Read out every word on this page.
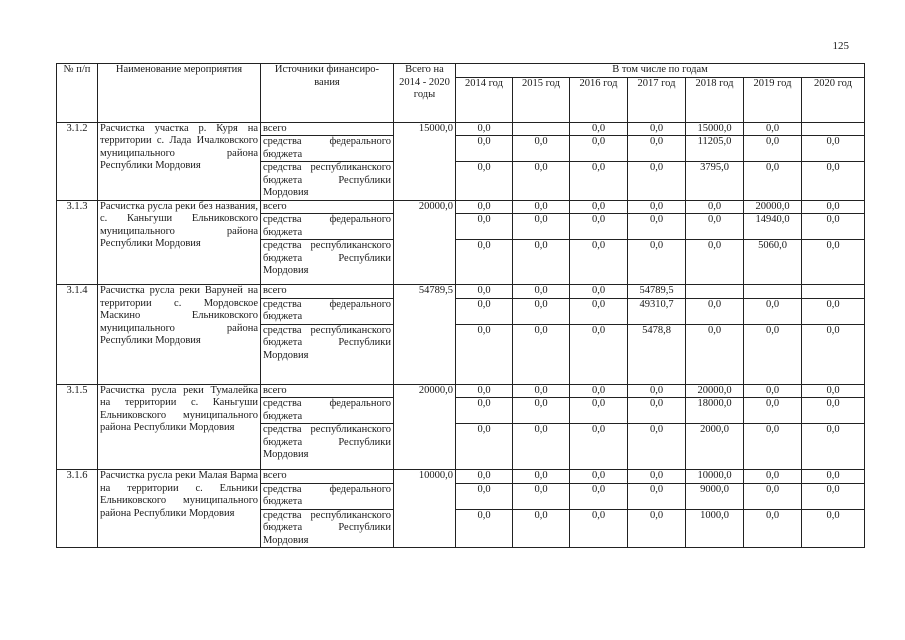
125
№ п/п	Наименование мероприятия	Источники финансиро-вания	Всего на 2014 - 2020 годы	В том числе по годам						
				2014 год	2015 год	2016 год	2017 год	2018 год	2019 год	2020 год
3.1.2	Расчистка участка р. Куря на территории с. Лада Ичалковского муниципального района Республики Мордовия	всего	15000,0	0,0		0,0	0,0	15000,0	0,0	
		средства федерального бюджета		0,0	0,0	0,0	0,0	11205,0	0,0	0,0
		средства республиканского бюджета Республики Мордовия		0,0	0,0	0,0	0,0	3795,0	0,0	0,0
3.1.3	Расчистка русла реки без названия, с. Каньгуши Ельниковского муниципального района Республики Мордовия	всего	20000,0	0,0	0,0	0,0	0,0	0,0	20000,0	0,0
		средства федерального бюджета		0,0	0,0	0,0	0,0	0,0	14940,0	0,0
		средства республиканского бюджета Республики Мордовия		0,0	0,0	0,0	0,0	0,0	5060,0	0,0
3.1.4	Расчистка русла реки Варуней на территории с. Мордовское Маскино Ельниковского муниципального района Республики Мордовия	всего	54789,5	0,0	0,0	0,0	54789,5			
		средства федерального бюджета		0,0	0,0	0,0	49310,7	0,0	0,0	0,0
		средства республиканского бюджета Республики Мордовия		0,0	0,0	0,0	5478,8	0,0	0,0	0,0
3.1.5	Расчистка русла реки Тумалейка на территории с. Каньгуши Ельниковского муниципального района Республики Мордовия	всего	20000,0	0,0	0,0	0,0	0,0	20000,0	0,0	0,0
		средства федерального бюджета		0,0	0,0	0,0	0,0	18000,0	0,0	0,0
		средства республиканского бюджета Республики Мордовия		0,0	0,0	0,0	0,0	2000,0	0,0	0,0
3.1.6	Расчистка русла реки Малая Варма на территории с. Ельники Ельниковского муниципального района Республики Мордовия	всего	10000,0	0,0	0,0	0,0	0,0	10000,0	0,0	0,0
		средства федерального бюджета		0,0	0,0	0,0	0,0	9000,0	0,0	0,0
		средства республиканского бюджета Республики Мордовия		0,0	0,0	0,0	0,0	1000,0	0,0	0,0
